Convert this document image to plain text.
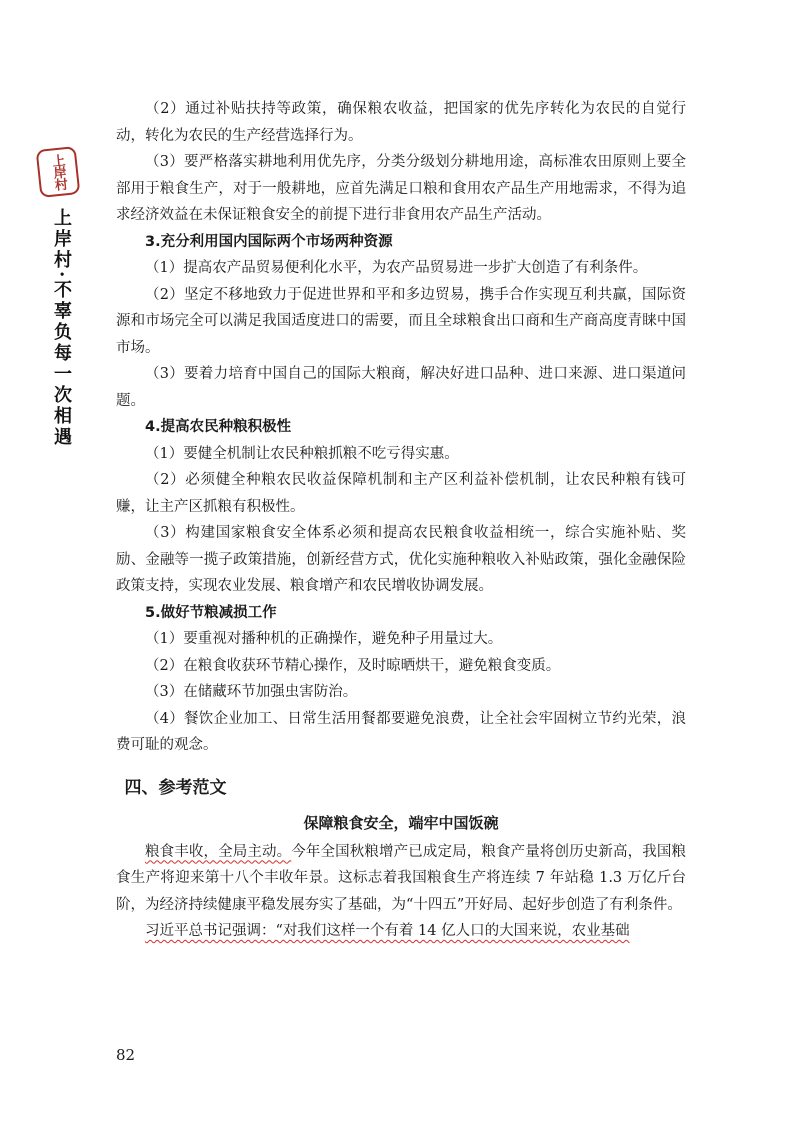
上岸村
上岸村·不辜负每一次相遇

（2）通过补贴扶持等政策，确保粮农收益，把国家的优先序转化为农民的自觉行动，转化为农民的生产经营选择行为。

（3）要严格落实耕地利用优先序，分类分级划分耕地用途，高标准农田原则上要全部用于粮食生产，对于一般耕地，应首先满足口粮和食用农产品生产用地需求，不得为追求经济效益在未保证粮食安全的前提下进行非食用农产品生产活动。

3.充分利用国内国际两个市场两种资源

（1）提高农产品贸易便利化水平，为农产品贸易进一步扩大创造了有利条件。

（2）坚定不移地致力于促进世界和平和多边贸易，携手合作实现互利共赢，国际资源和市场完全可以满足我国适度进口的需要，而且全球粮食出口商和生产商高度青睐中国市场。

（3）要着力培育中国自己的国际大粮商，解决好进口品种、进口来源、进口渠道问题。

4.提高农民种粮积极性

（1）要健全机制让农民种粮抓粮不吃亏得实惠。

（2）必须健全种粮农民收益保障机制和主产区利益补偿机制，让农民种粮有钱可赚，让主产区抓粮有积极性。

（3）构建国家粮食安全体系必须和提高农民粮食收益相统一，综合实施补贴、奖励、金融等一揽子政策措施，创新经营方式，优化实施种粮收入补贴政策，强化金融保险政策支持，实现农业发展、粮食增产和农民增收协调发展。

5.做好节粮减损工作

（1）要重视对播种机的正确操作，避免种子用量过大。

（2）在粮食收获环节精心操作，及时晾晒烘干，避免粮食变质。

（3）在储藏环节加强虫害防治。

（4）餐饮企业加工、日常生活用餐都要避免浪费，让全社会牢固树立节约光荣，浪费可耻的观念。

四、参考范文

保障粮食安全，端牢中国饭碗

粮食丰收，全局主动。今年全国秋粮增产已成定局，粮食产量将创历史新高，我国粮食生产将迎来第十八个丰收年景。这标志着我国粮食生产将连续 7 年站稳 1.3 万亿斤台阶，为经济持续健康平稳发展夯实了基础，为“十四五”开好局、起好步创造了有利条件。

习近平总书记强调：“对我们这样一个有着 14 亿人口的大国来说，农业基础

82
